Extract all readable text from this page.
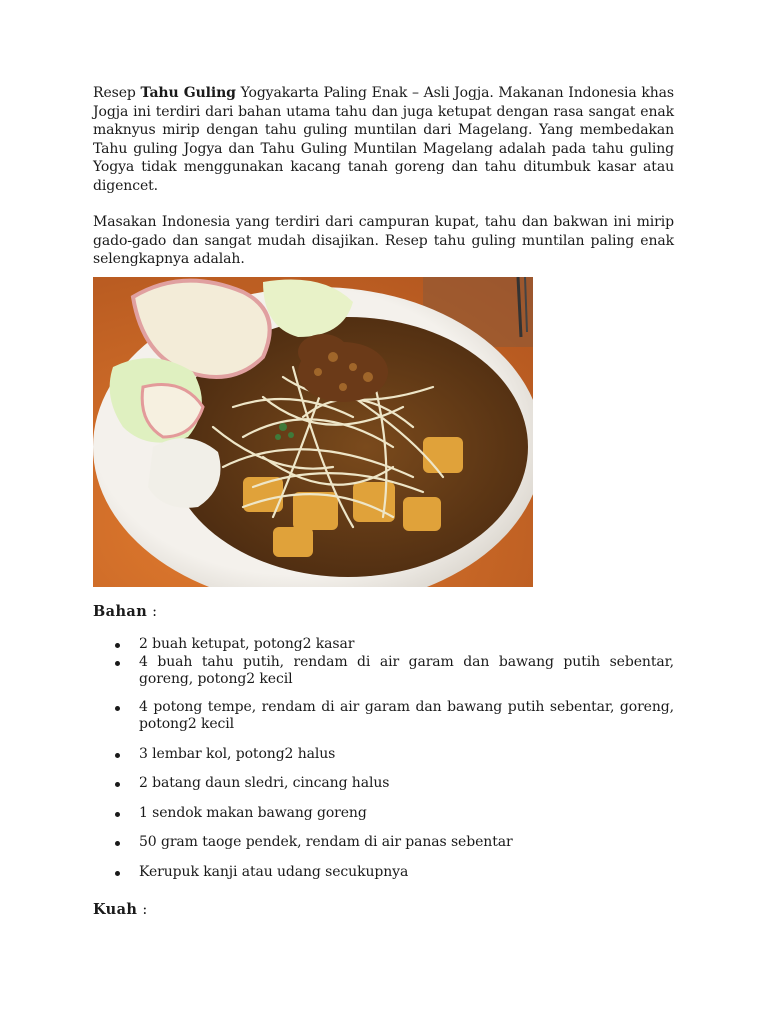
Resep Tahu Guling Yogyakarta Paling Enak – Asli Jogja. Makanan Indonesia khas Jogja ini terdiri dari bahan utama tahu dan juga ketupat dengan rasa sangat enak maknyus mirip dengan tahu guling muntilan dari Magelang. Yang membedakan Tahu guling Jogya dan Tahu Guling Muntilan Magelang adalah pada tahu guling Yogya tidak menggunakan kacang tanah goreng dan tahu ditumbuk kasar atau digencet.

Masakan Indonesia yang terdiri dari campuran kupat, tahu dan bakwan ini mirip gado-gado dan sangat mudah disajikan. Resep tahu guling muntilan paling enak selengkapnya adalah.

Bahan :
2 buah ketupat, potong2 kasar
4 buah tahu putih, rendam di air garam dan bawang putih sebentar, goreng, potong2 kecil
4 potong tempe, rendam di air garam dan bawang putih sebentar, goreng, potong2 kecil
3 lembar kol, potong2 halus
2 batang daun sledri, cincang halus
1 sendok makan bawang goreng
50 gram taoge pendek, rendam di air panas sebentar
Kerupuk kanji atau udang secukupnya
Kuah :
